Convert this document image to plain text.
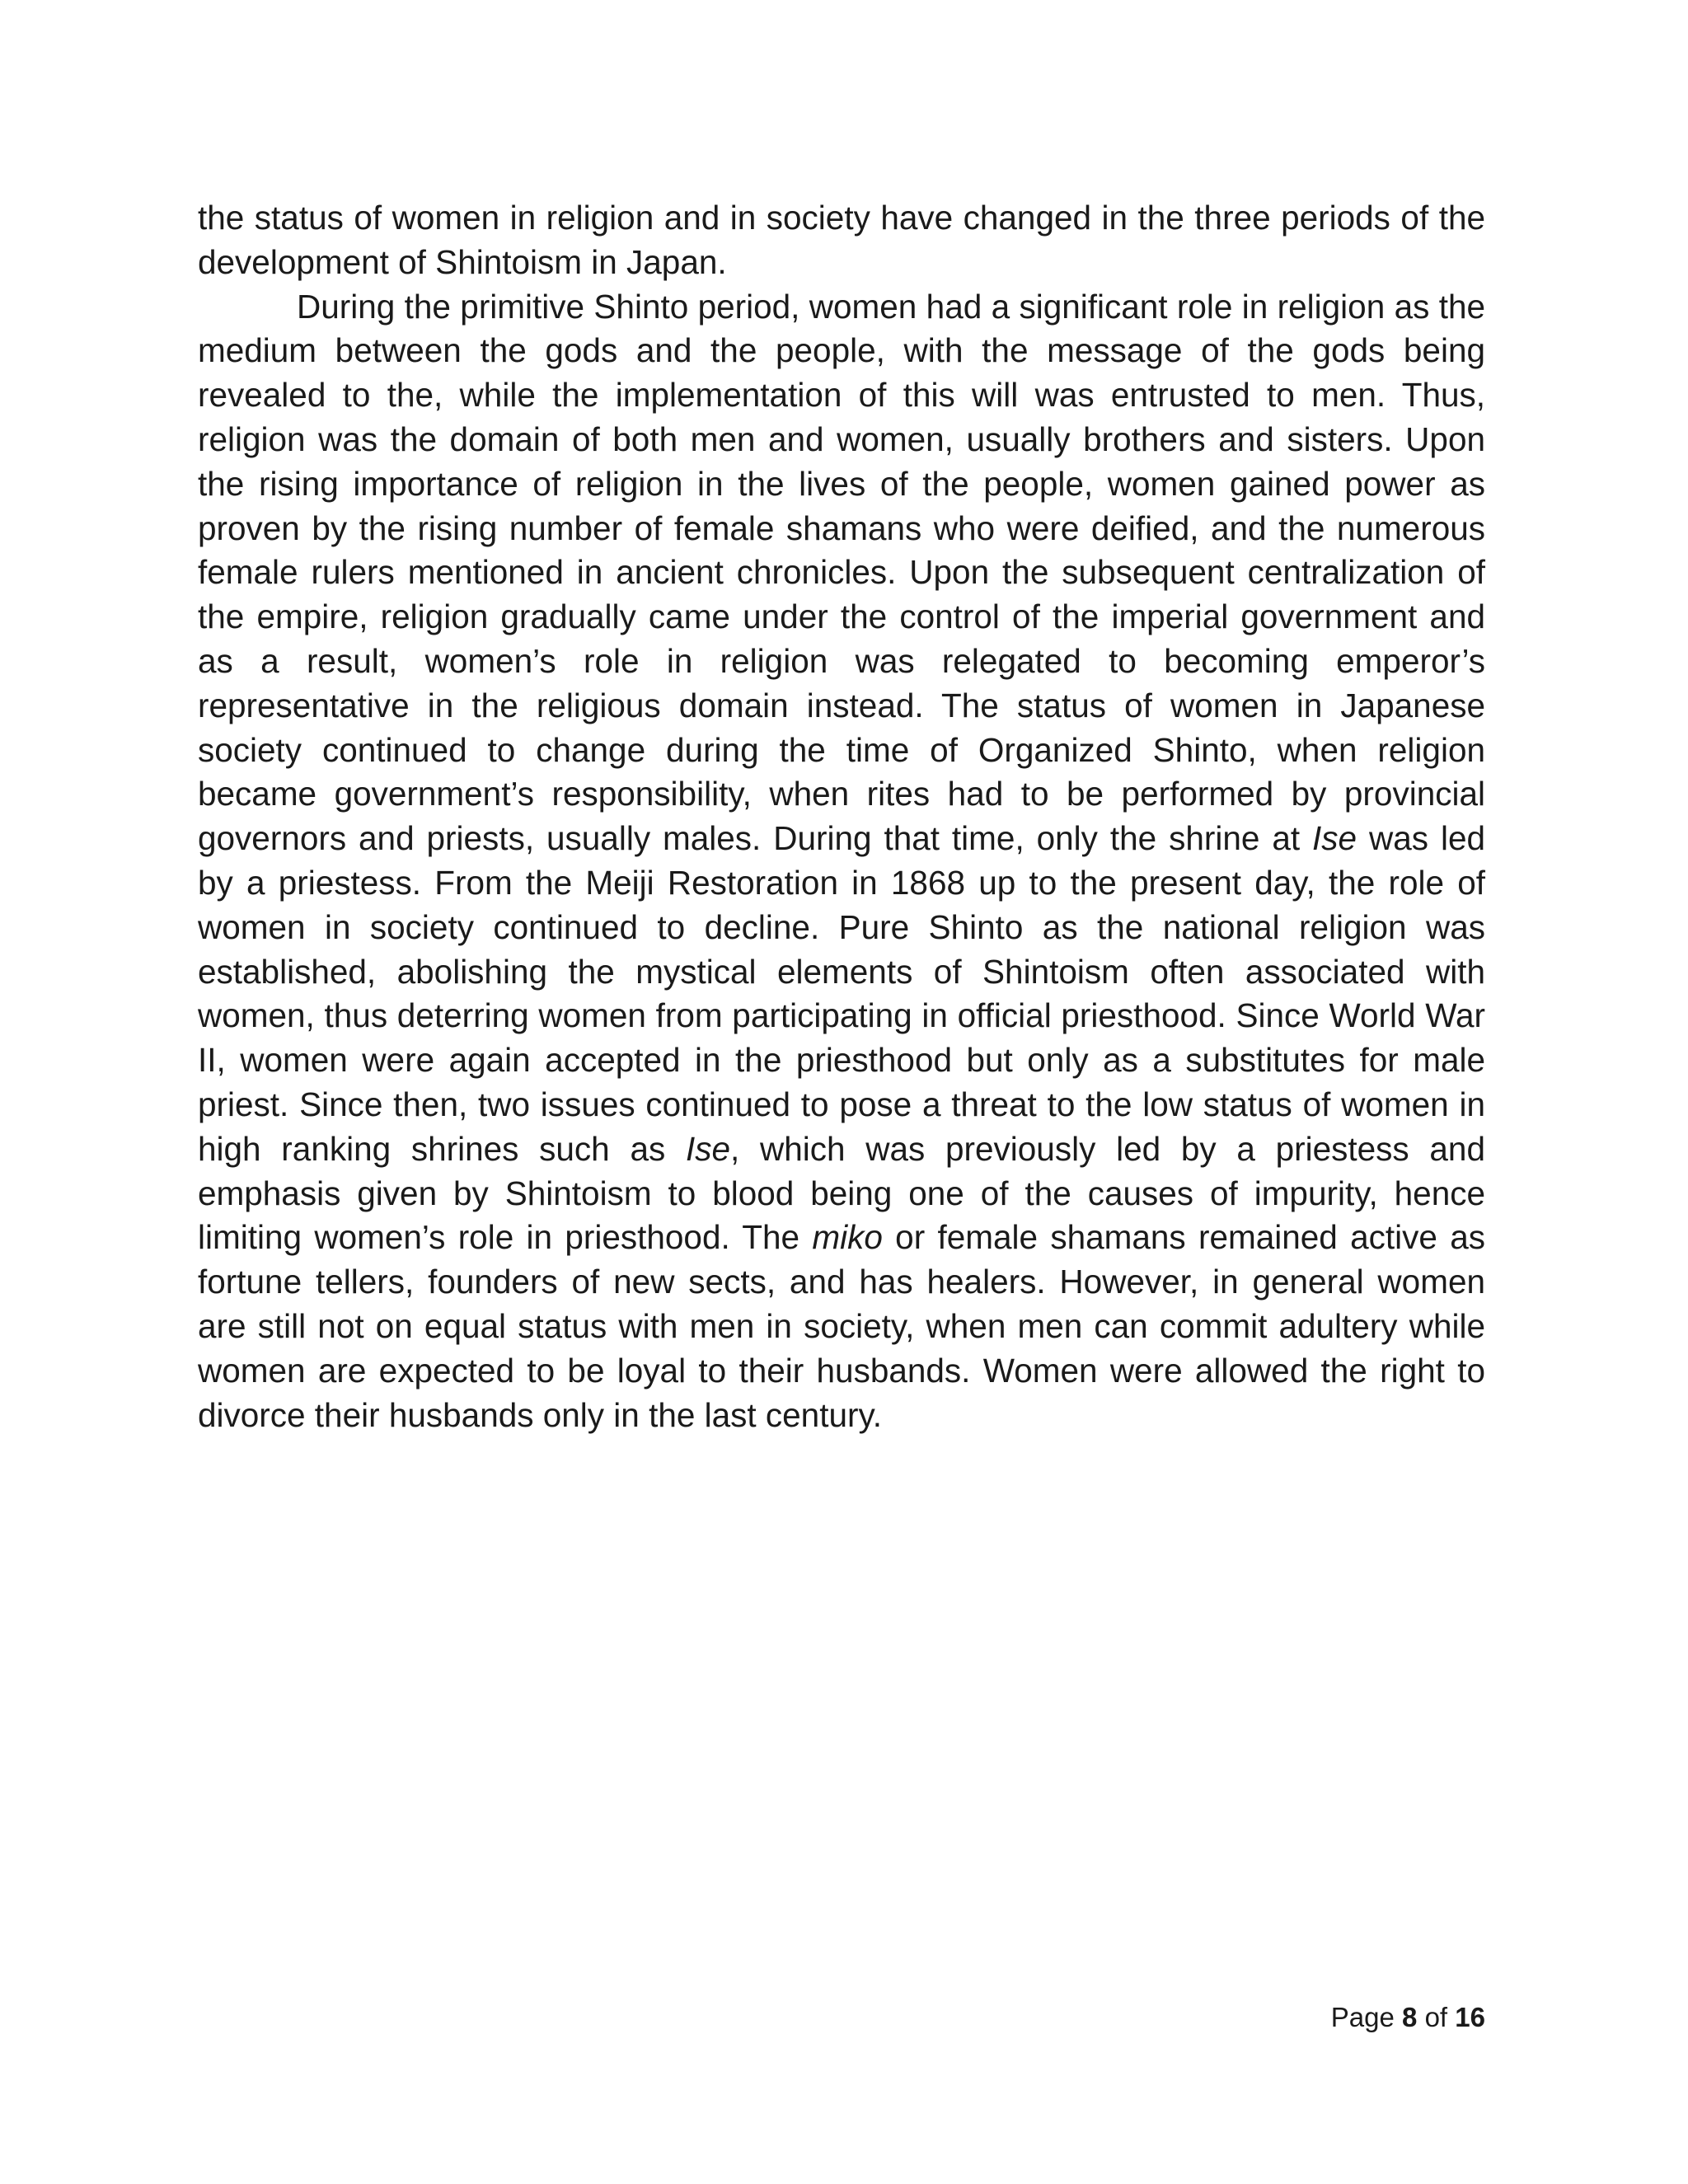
the status of women in religion and in society have changed in the three periods of the development of Shintoism in Japan.

During the primitive Shinto period, women had a significant role in religion as the medium between the gods and the people, with the message of the gods being revealed to the, while the implementation of this will was entrusted to men. Thus, religion was the domain of both men and women, usually brothers and sisters. Upon the rising importance of religion in the lives of the people, women gained power as proven by the rising number of female shamans who were deified, and the numerous female rulers mentioned in ancient chronicles. Upon the subsequent centralization of the empire, religion gradually came under the control of the imperial government and as a result, women’s role in religion was relegated to becoming emperor’s representative in the religious domain instead. The status of women in Japanese society continued to change during the time of Organized Shinto, when religion became government’s responsibility, when rites had to be performed by provincial governors and priests, usually males. During that time, only the shrine at Ise was led by a priestess. From the Meiji Restoration in 1868 up to the present day, the role of women in society continued to decline. Pure Shinto as the national religion was established, abolishing the mystical elements of Shintoism often associated with women, thus deterring women from participating in official priesthood. Since World War II, women were again accepted in the priesthood but only as a substitutes for male priest. Since then, two issues continued to pose a threat to the low status of women in high ranking shrines such as Ise, which was previously led by a priestess and emphasis given by Shintoism to blood being one of the causes of impurity, hence limiting women’s role in priesthood. The miko or female shamans remained active as fortune tellers, founders of new sects, and has healers. However, in general women are still not on equal status with men in society, when men can commit adultery while women are expected to be loyal to their husbands. Women were allowed the right to divorce their husbands only in the last century.

Page 8 of 16
